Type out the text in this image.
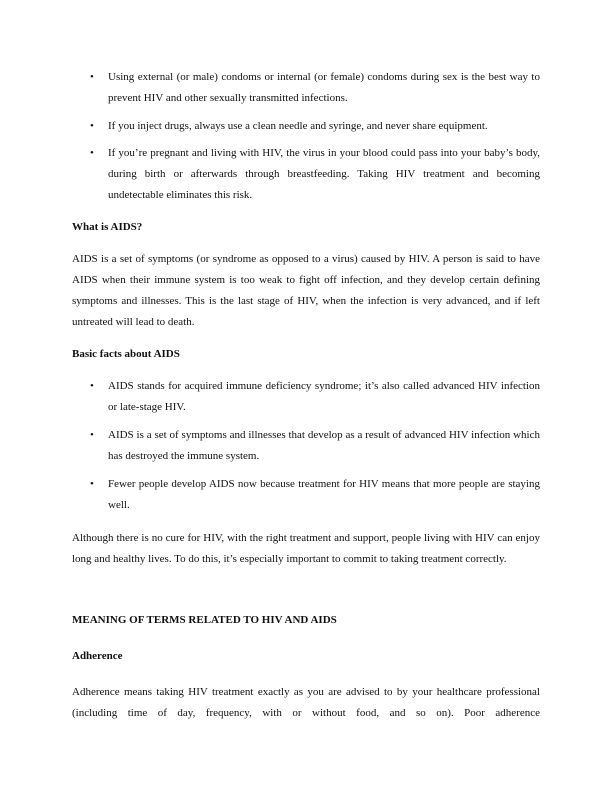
•	Using external (or male) condoms or internal (or female) condoms during sex is the best way to prevent HIV and other sexually transmitted infections.
•	If you inject drugs, always use a clean needle and syringe, and never share equipment.
•	If you’re pregnant and living with HIV, the virus in your blood could pass into your baby’s body, during birth or afterwards through breastfeeding. Taking HIV treatment and becoming undetectable eliminates this risk.
What is AIDS?
AIDS is a set of symptoms (or syndrome as opposed to a virus) caused by HIV. A person is said to have AIDS when their immune system is too weak to fight off infection, and they develop certain defining symptoms and illnesses. This is the last stage of HIV, when the infection is very advanced, and if left untreated will lead to death.
Basic facts about AIDS
•	AIDS stands for acquired immune deficiency syndrome; it’s also called advanced HIV infection or late-stage HIV.
•	AIDS is a set of symptoms and illnesses that develop as a result of advanced HIV infection which has destroyed the immune system.
•	Fewer people develop AIDS now because treatment for HIV means that more people are staying well.
Although there is no cure for HIV, with the right treatment and support, people living with HIV can enjoy long and healthy lives. To do this, it’s especially important to commit to taking treatment correctly.
MEANING OF TERMS RELATED TO HIV AND AIDS
Adherence
Adherence means taking HIV treatment exactly as you are advised to by your healthcare professional (including time of day, frequency, with or without food, and so on). Poor adherence
